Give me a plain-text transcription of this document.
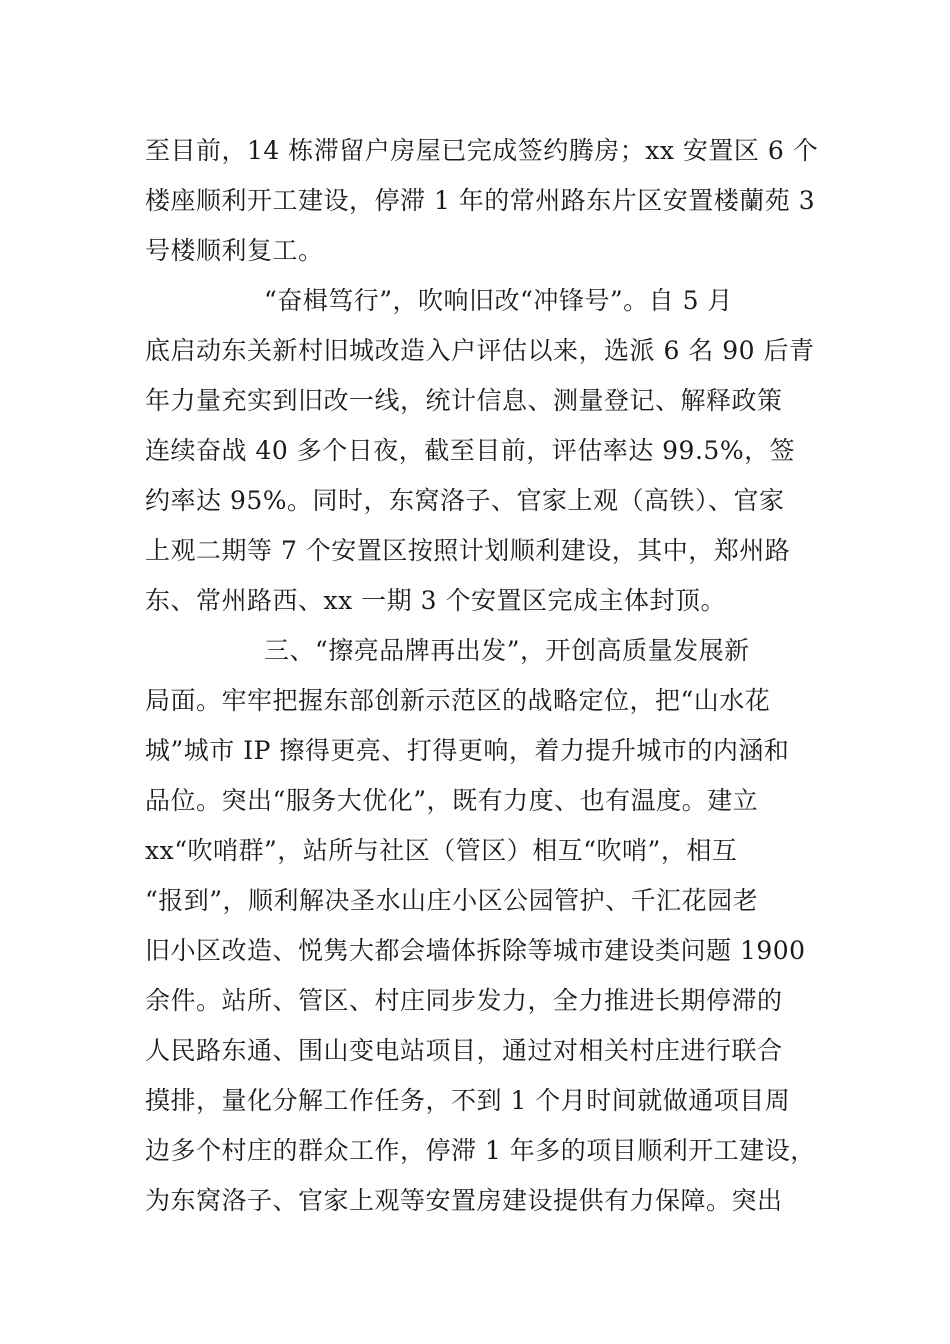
至目前，14 栋滞留户房屋已完成签约腾房；xx 安置区 6 个
楼座顺利开工建设，停滞 1 年的常州路东片区安置楼蘭苑 3
号楼顺利复工。
“奋楫笃行”，吹响旧改“冲锋号”。自 5 月
底启动东关新村旧城改造入户评估以来，选派 6 名 90 后青
年力量充实到旧改一线，统计信息、测量登记、解释政策
连续奋战 40 多个日夜，截至目前，评估率达 99.5%，签
约率达 95%。同时，东窝洛子、官家上观（高铁）、官家
上观二期等 7 个安置区按照计划顺利建设，其中，郑州路
东、常州路西、xx 一期 3 个安置区完成主体封顶。
三、“擦亮品牌再出发”，开创高质量发展新
局面。牢牢把握东部创新示范区的战略定位，把“山水花
城”城市 IP 擦得更亮、打得更响，着力提升城市的内涵和
品位。突出“服务大优化”，既有力度、也有温度。建立
xx“吹哨群”，站所与社区（管区）相互“吹哨”，相互
“报到”，顺利解决圣水山庄小区公园管护、千汇花园老
旧小区改造、悦隽大都会墙体拆除等城市建设类问题 1900
余件。站所、管区、村庄同步发力，全力推进长期停滞的
人民路东通、围山变电站项目，通过对相关村庄进行联合
摸排，量化分解工作任务，不到 1 个月时间就做通项目周
边多个村庄的群众工作，停滞 1 年多的项目顺利开工建设，
为东窝洛子、官家上观等安置房建设提供有力保障。突出
